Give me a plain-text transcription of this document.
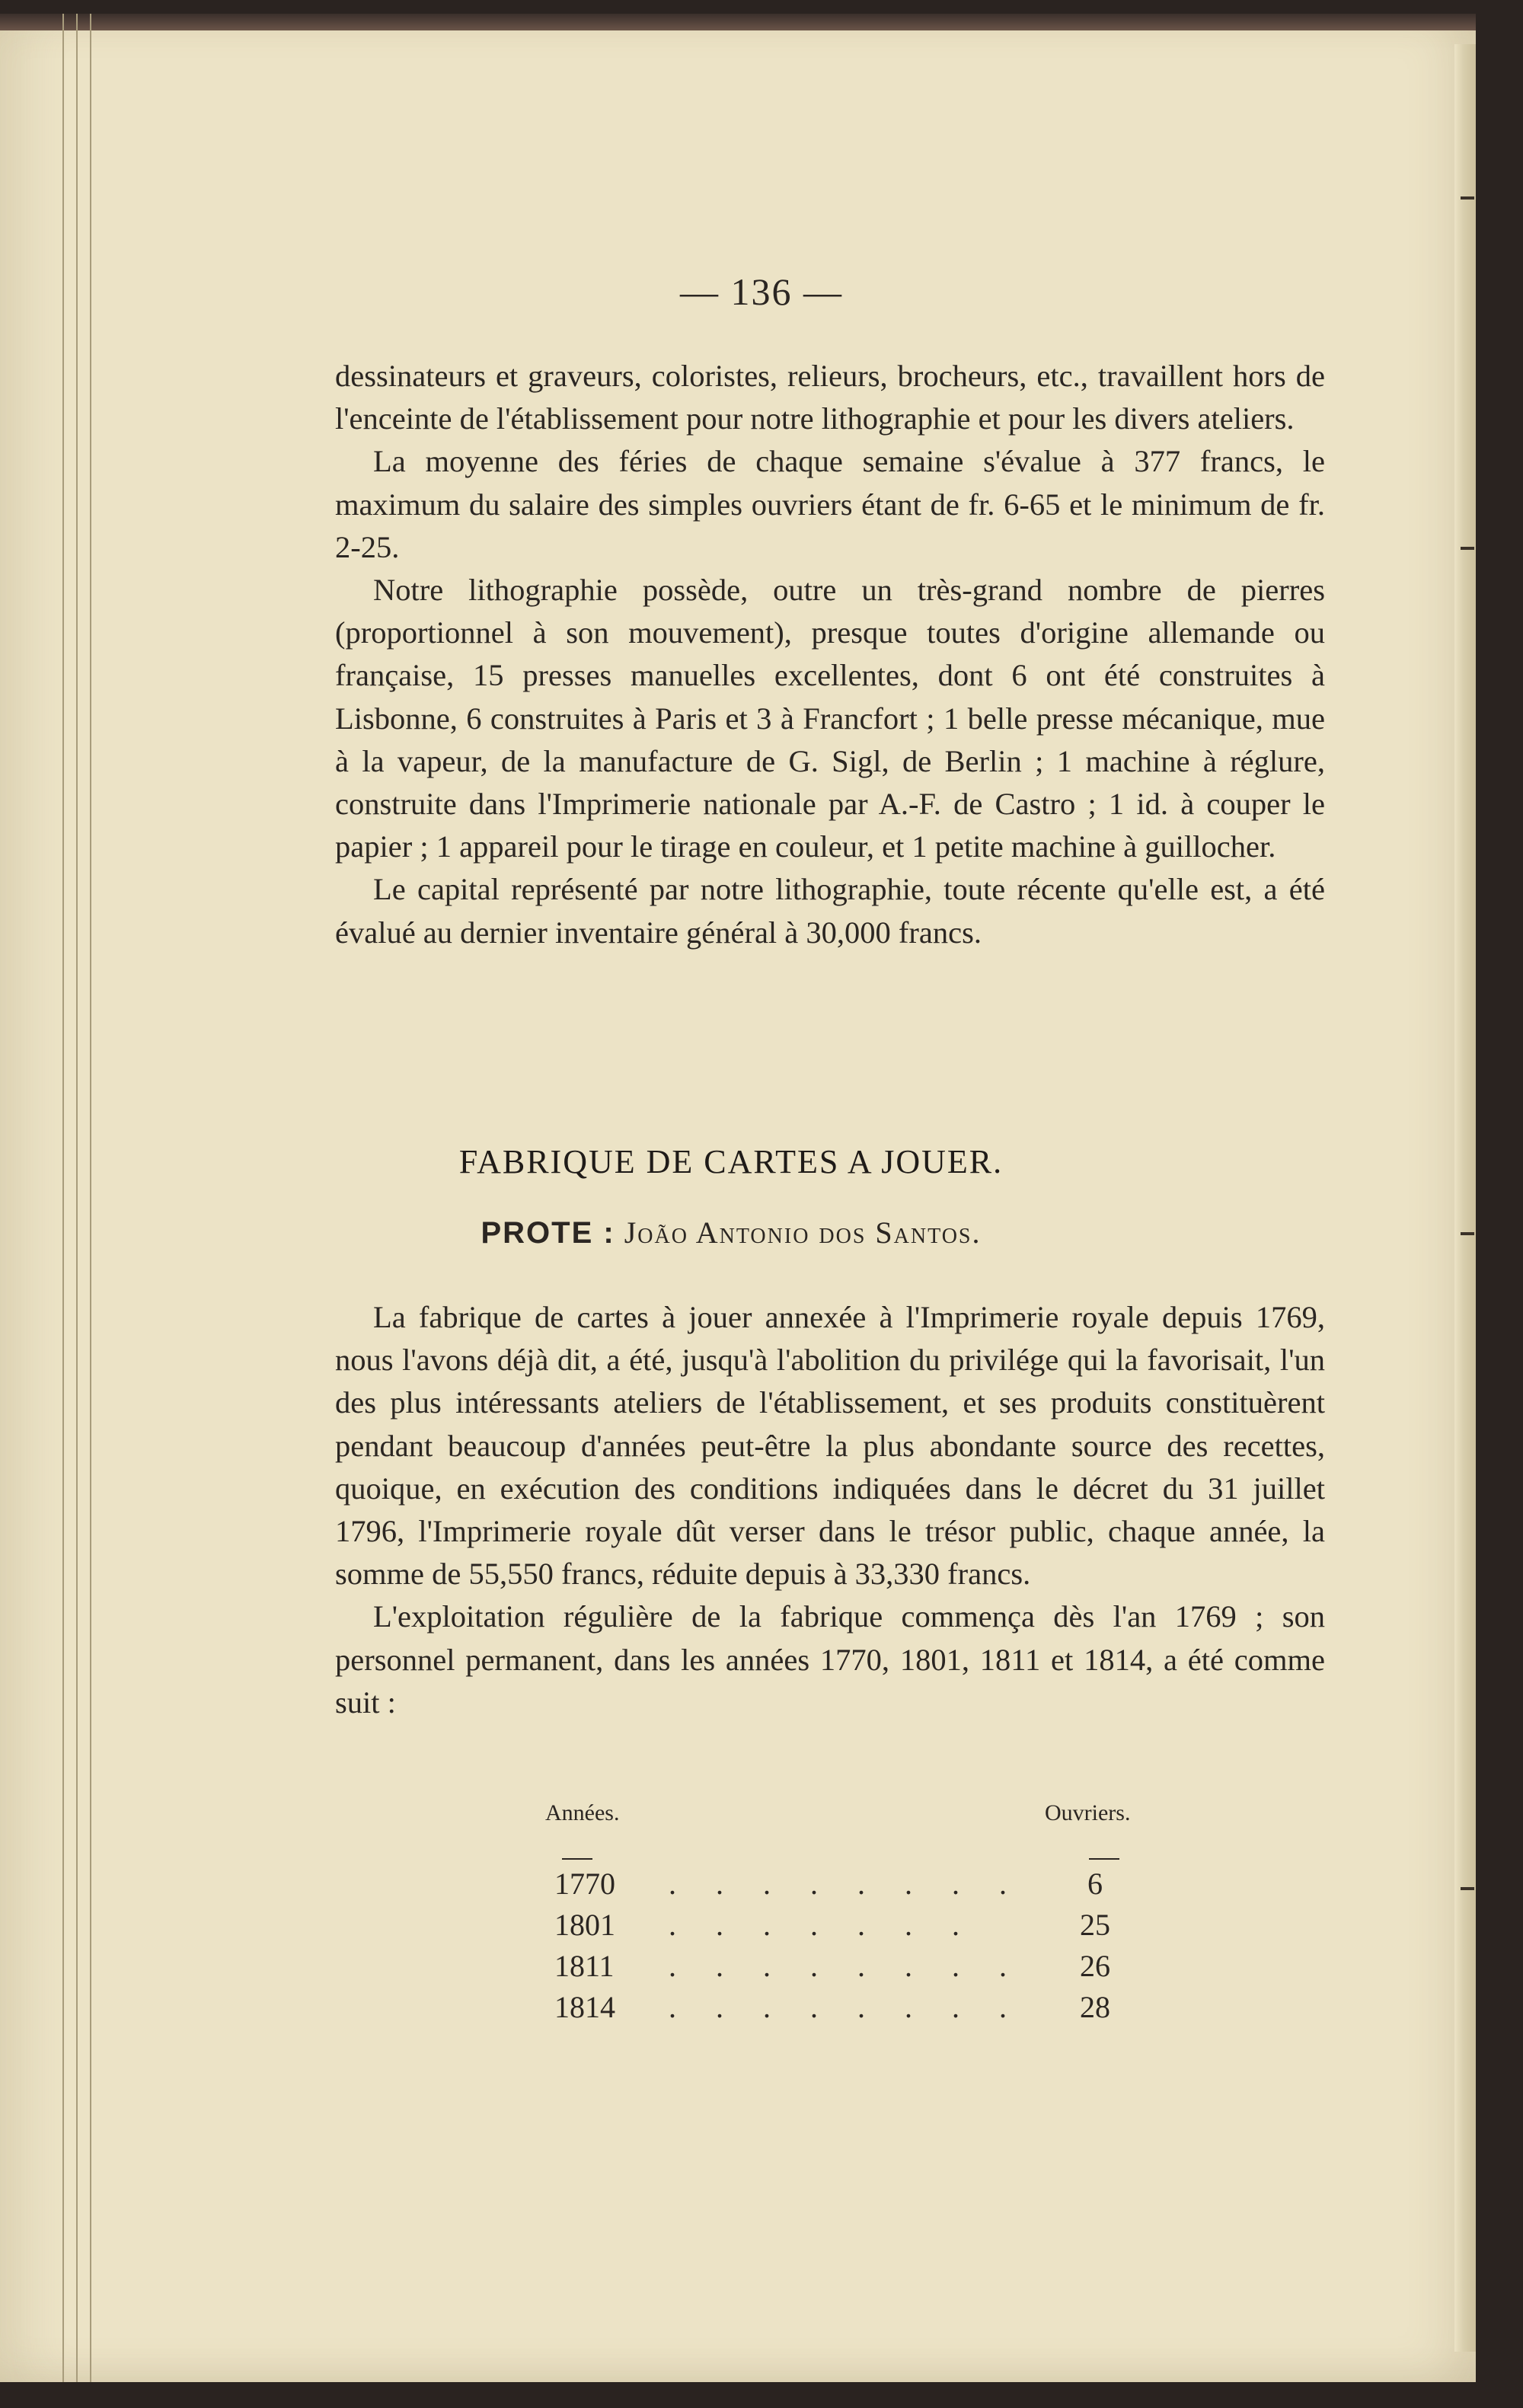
— 136 —

dessinateurs et graveurs, coloristes, relieurs, brocheurs, etc., travaillent hors de l'enceinte de l'établissement pour notre lithographie et pour les divers ateliers.

La moyenne des féries de chaque semaine s'évalue à 377 francs, le maximum du salaire des simples ouvriers étant de fr. 6-65 et le minimum de fr. 2-25.

Notre lithographie possède, outre un très-grand nombre de pierres (proportionnel à son mouvement), presque toutes d'origine allemande ou française, 15 presses manuelles excellentes, dont 6 ont été construites à Lisbonne, 6 construites à Paris et 3 à Francfort ; 1 belle presse mécanique, mue à la vapeur, de la manufacture de G. Sigl, de Berlin ; 1 machine à réglure, construite dans l'Imprimerie nationale par A.-F. de Castro ; 1 id. à couper le papier ; 1 appareil pour le tirage en couleur, et 1 petite machine à guillocher.

Le capital représenté par notre lithographie, toute récente qu'elle est, a été évalué au dernier inventaire général à 30,000 francs.

FABRIQUE DE CARTES A JOUER.
PROTE : João Antonio dos Santos.

La fabrique de cartes à jouer annexée à l'Imprimerie royale depuis 1769, nous l'avons déjà dit, a été, jusqu'à l'abolition du privilége qui la favorisait, l'un des plus intéressants ateliers de l'établissement, et ses produits constituèrent pendant beaucoup d'années peut-être la plus abondante source des recettes, quoique, en exécution des conditions indiquées dans le décret du 31 juillet 1796, l'Imprimerie royale dût verser dans le trésor public, chaque année, la somme de 55,550 francs, réduite depuis à 33,330 francs.

L'exploitation régulière de la fabrique commença dès l'an 1769 ; son personnel permanent, dans les années 1770, 1801, 1811 et 1814, a été comme suit :

Années.	Ouvriers.
1770 . . . . . . . .	6
1801 . . . . . . .	25
1811 . . . . . . . . 26
1814 . . . . . . . . 28
